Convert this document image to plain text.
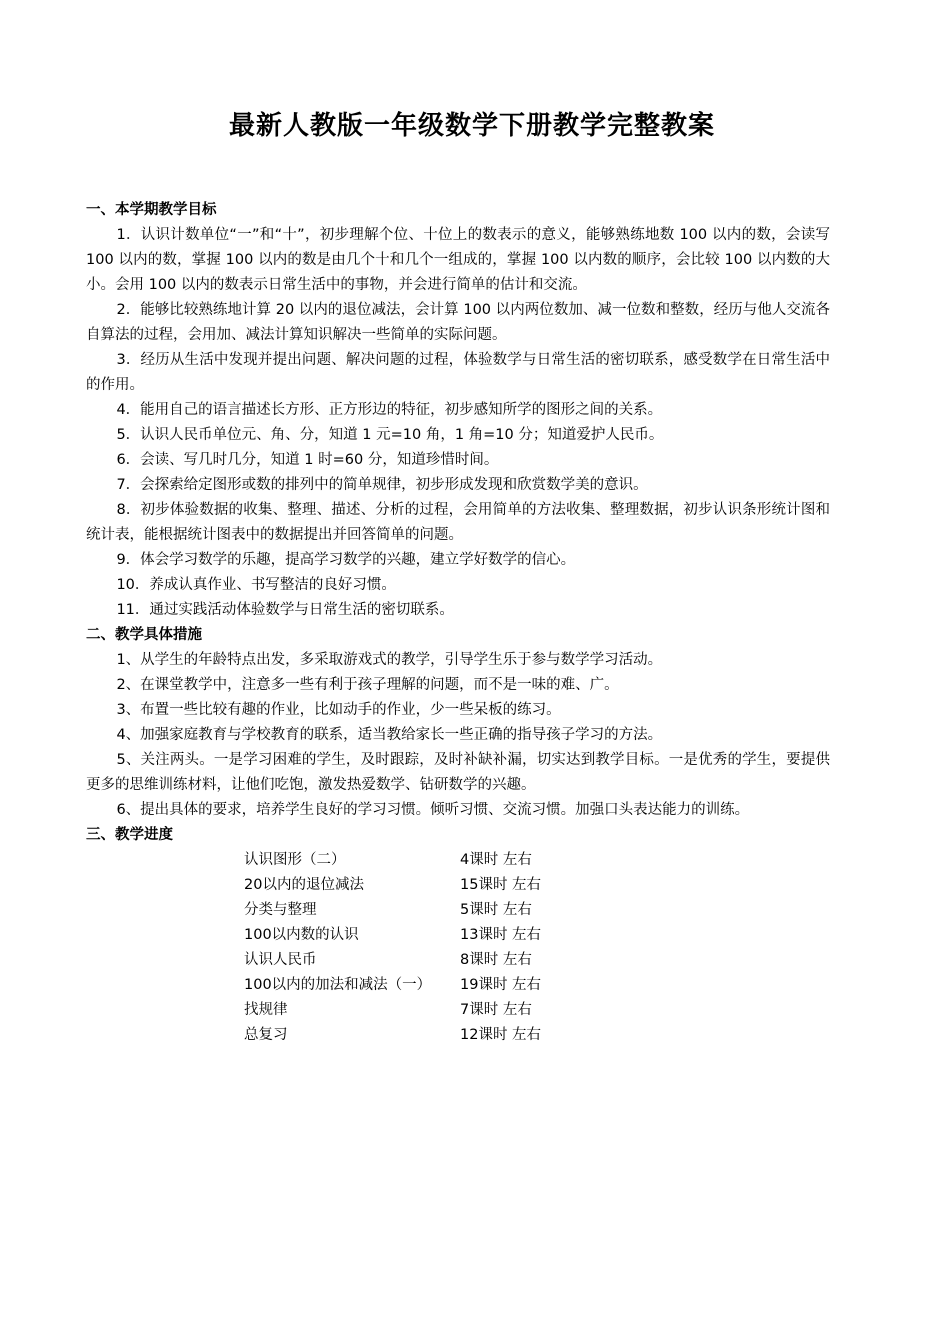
最新人教版一年级数学下册教学完整教案

一、本学期教学目标

1．认识计数单位“一”和“十”，初步理解个位、十位上的数表示的意义，能够熟练地数 100 以内的数，会读写 100 以内的数，掌握 100 以内的数是由几个十和几个一组成的，掌握 100 以内数的顺序，会比较 100 以内数的大小。会用 100 以内的数表示日常生活中的事物，并会进行简单的估计和交流。

2．能够比较熟练地计算 20 以内的退位减法，会计算 100 以内两位数加、减一位数和整数，经历与他人交流各自算法的过程，会用加、减法计算知识解决一些简单的实际问题。

3．经历从生活中发现并提出问题、解决问题的过程，体验数学与日常生活的密切联系，感受数学在日常生活中的作用。

4．能用自己的语言描述长方形、正方形边的特征，初步感知所学的图形之间的关系。

5．认识人民币单位元、角、分，知道 1 元=10 角，1 角=10 分；知道爱护人民币。

6．会读、写几时几分，知道 1 时=60 分，知道珍惜时间。

7．会探索给定图形或数的排列中的简单规律，初步形成发现和欣赏数学美的意识。

8．初步体验数据的收集、整理、描述、分析的过程，会用简单的方法收集、整理数据，初步认识条形统计图和统计表，能根据统计图表中的数据提出并回答简单的问题。

9．体会学习数学的乐趣，提高学习数学的兴趣，建立学好数学的信心。

10．养成认真作业、书写整洁的良好习惯。

11．通过实践活动体验数学与日常生活的密切联系。

二、教学具体措施

1、从学生的年龄特点出发，多采取游戏式的教学，引导学生乐于参与数学学习活动。

2、在课堂教学中，注意多一些有利于孩子理解的问题，而不是一味的难、广。

3、布置一些比较有趣的作业，比如动手的作业，少一些呆板的练习。

4、加强家庭教育与学校教育的联系，适当教给家长一些正确的指导孩子学习的方法。

5、关注两头。一是学习困难的学生，及时跟踪，及时补缺补漏，切实达到教学目标。一是优秀的学生，要提供更多的思维训练材料，让他们吃饱，激发热爱数学、钻研数学的兴趣。

6、提出具体的要求，培养学生良好的学习习惯。倾听习惯、交流习惯。加强口头表达能力的训练。

三、教学进度

认识图形（二）	4课时 左右
20以内的退位减法	15课时 左右
分类与整理	5课时 左右
100以内数的认识	13课时 左右
认识人民币	8课时 左右
100以内的加法和减法（一）	19课时 左右
找规律	7课时 左右
总复习	12课时 左右
